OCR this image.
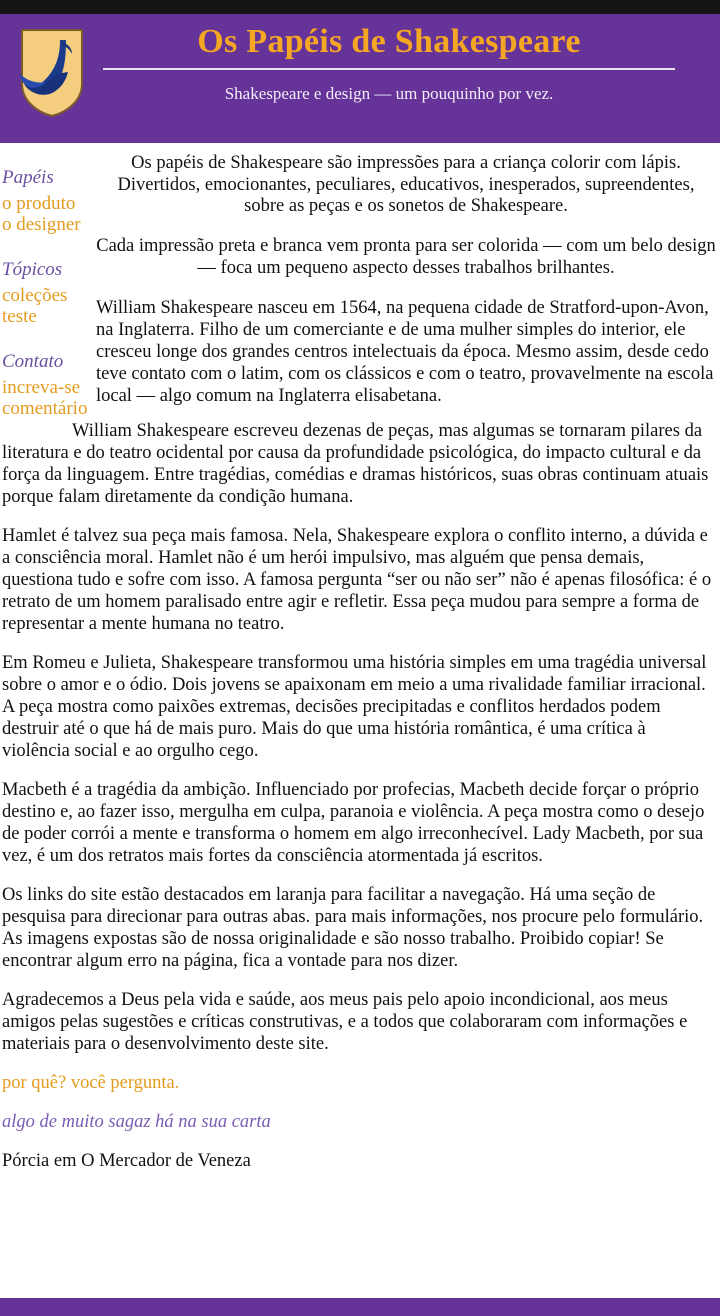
Os Papéis de Shakespeare

Shakespeare e design — um pouquinho por vez.

Papéis
o produto
o designer
Tópicos
coleções
teste
Contato
increva-se
comentário

Os papéis de Shakespeare são impressões para a criança colorir com lápis. Divertidos, emocionantes, peculiares, educativos, inesperados, supreendentes, sobre as peças e os sonetos de Shakespeare.

Cada impressão preta e branca vem pronta para ser colorida — com um belo design — foca um pequeno aspecto desses trabalhos brilhantes.

William Shakespeare nasceu em 1564, na pequena cidade de Stratford-upon-Avon, na Inglaterra. Filho de um comerciante e de uma mulher simples do interior, ele cresceu longe dos grandes centros intelectuais da época. Mesmo assim, desde cedo teve contato com o latim, com os clássicos e com o teatro, provavelmente na escola local — algo comum na Inglaterra elisabetana.

William Shakespeare escreveu dezenas de peças, mas algumas se tornaram pilares da literatura e do teatro ocidental por causa da profundidade psicológica, do impacto cultural e da força da linguagem. Entre tragédias, comédias e dramas históricos, suas obras continuam atuais porque falam diretamente da condição humana.

Hamlet é talvez sua peça mais famosa. Nela, Shakespeare explora o conflito interno, a dúvida e a consciência moral. Hamlet não é um herói impulsivo, mas alguém que pensa demais, questiona tudo e sofre com isso. A famosa pergunta “ser ou não ser” não é apenas filosófica: é o retrato de um homem paralisado entre agir e refletir. Essa peça mudou para sempre a forma de representar a mente humana no teatro.

Em Romeu e Julieta, Shakespeare transformou uma história simples em uma tragédia universal sobre o amor e o ódio. Dois jovens se apaixonam em meio a uma rivalidade familiar irracional. A peça mostra como paixões extremas, decisões precipitadas e conflitos herdados podem destruir até o que há de mais puro. Mais do que uma história romântica, é uma crítica à violência social e ao orgulho cego.

Macbeth é a tragédia da ambição. Influenciado por profecias, Macbeth decide forçar o próprio destino e, ao fazer isso, mergulha em culpa, paranoia e violência. A peça mostra como o desejo de poder corrói a mente e transforma o homem em algo irreconhecível. Lady Macbeth, por sua vez, é um dos retratos mais fortes da consciência atormentada já escritos.

Os links do site estão destacados em laranja para facilitar a navegação. Há uma seção de pesquisa para direcionar para outras abas. para mais informações, nos procure pelo formulário. As imagens expostas são de nossa originalidade e são nosso trabalho. Proibido copiar! Se encontrar algum erro na página, fica a vontade para nos dizer.

Agradecemos a Deus pela vida e saúde, aos meus pais pelo apoio incondicional, aos meus amigos pelas sugestões e críticas construtivas, e a todos que colaboraram com informações e materiais para o desenvolvimento deste site.

por quê? você pergunta.

algo de muito sagaz há na sua carta

Pórcia em O Mercador de Veneza
